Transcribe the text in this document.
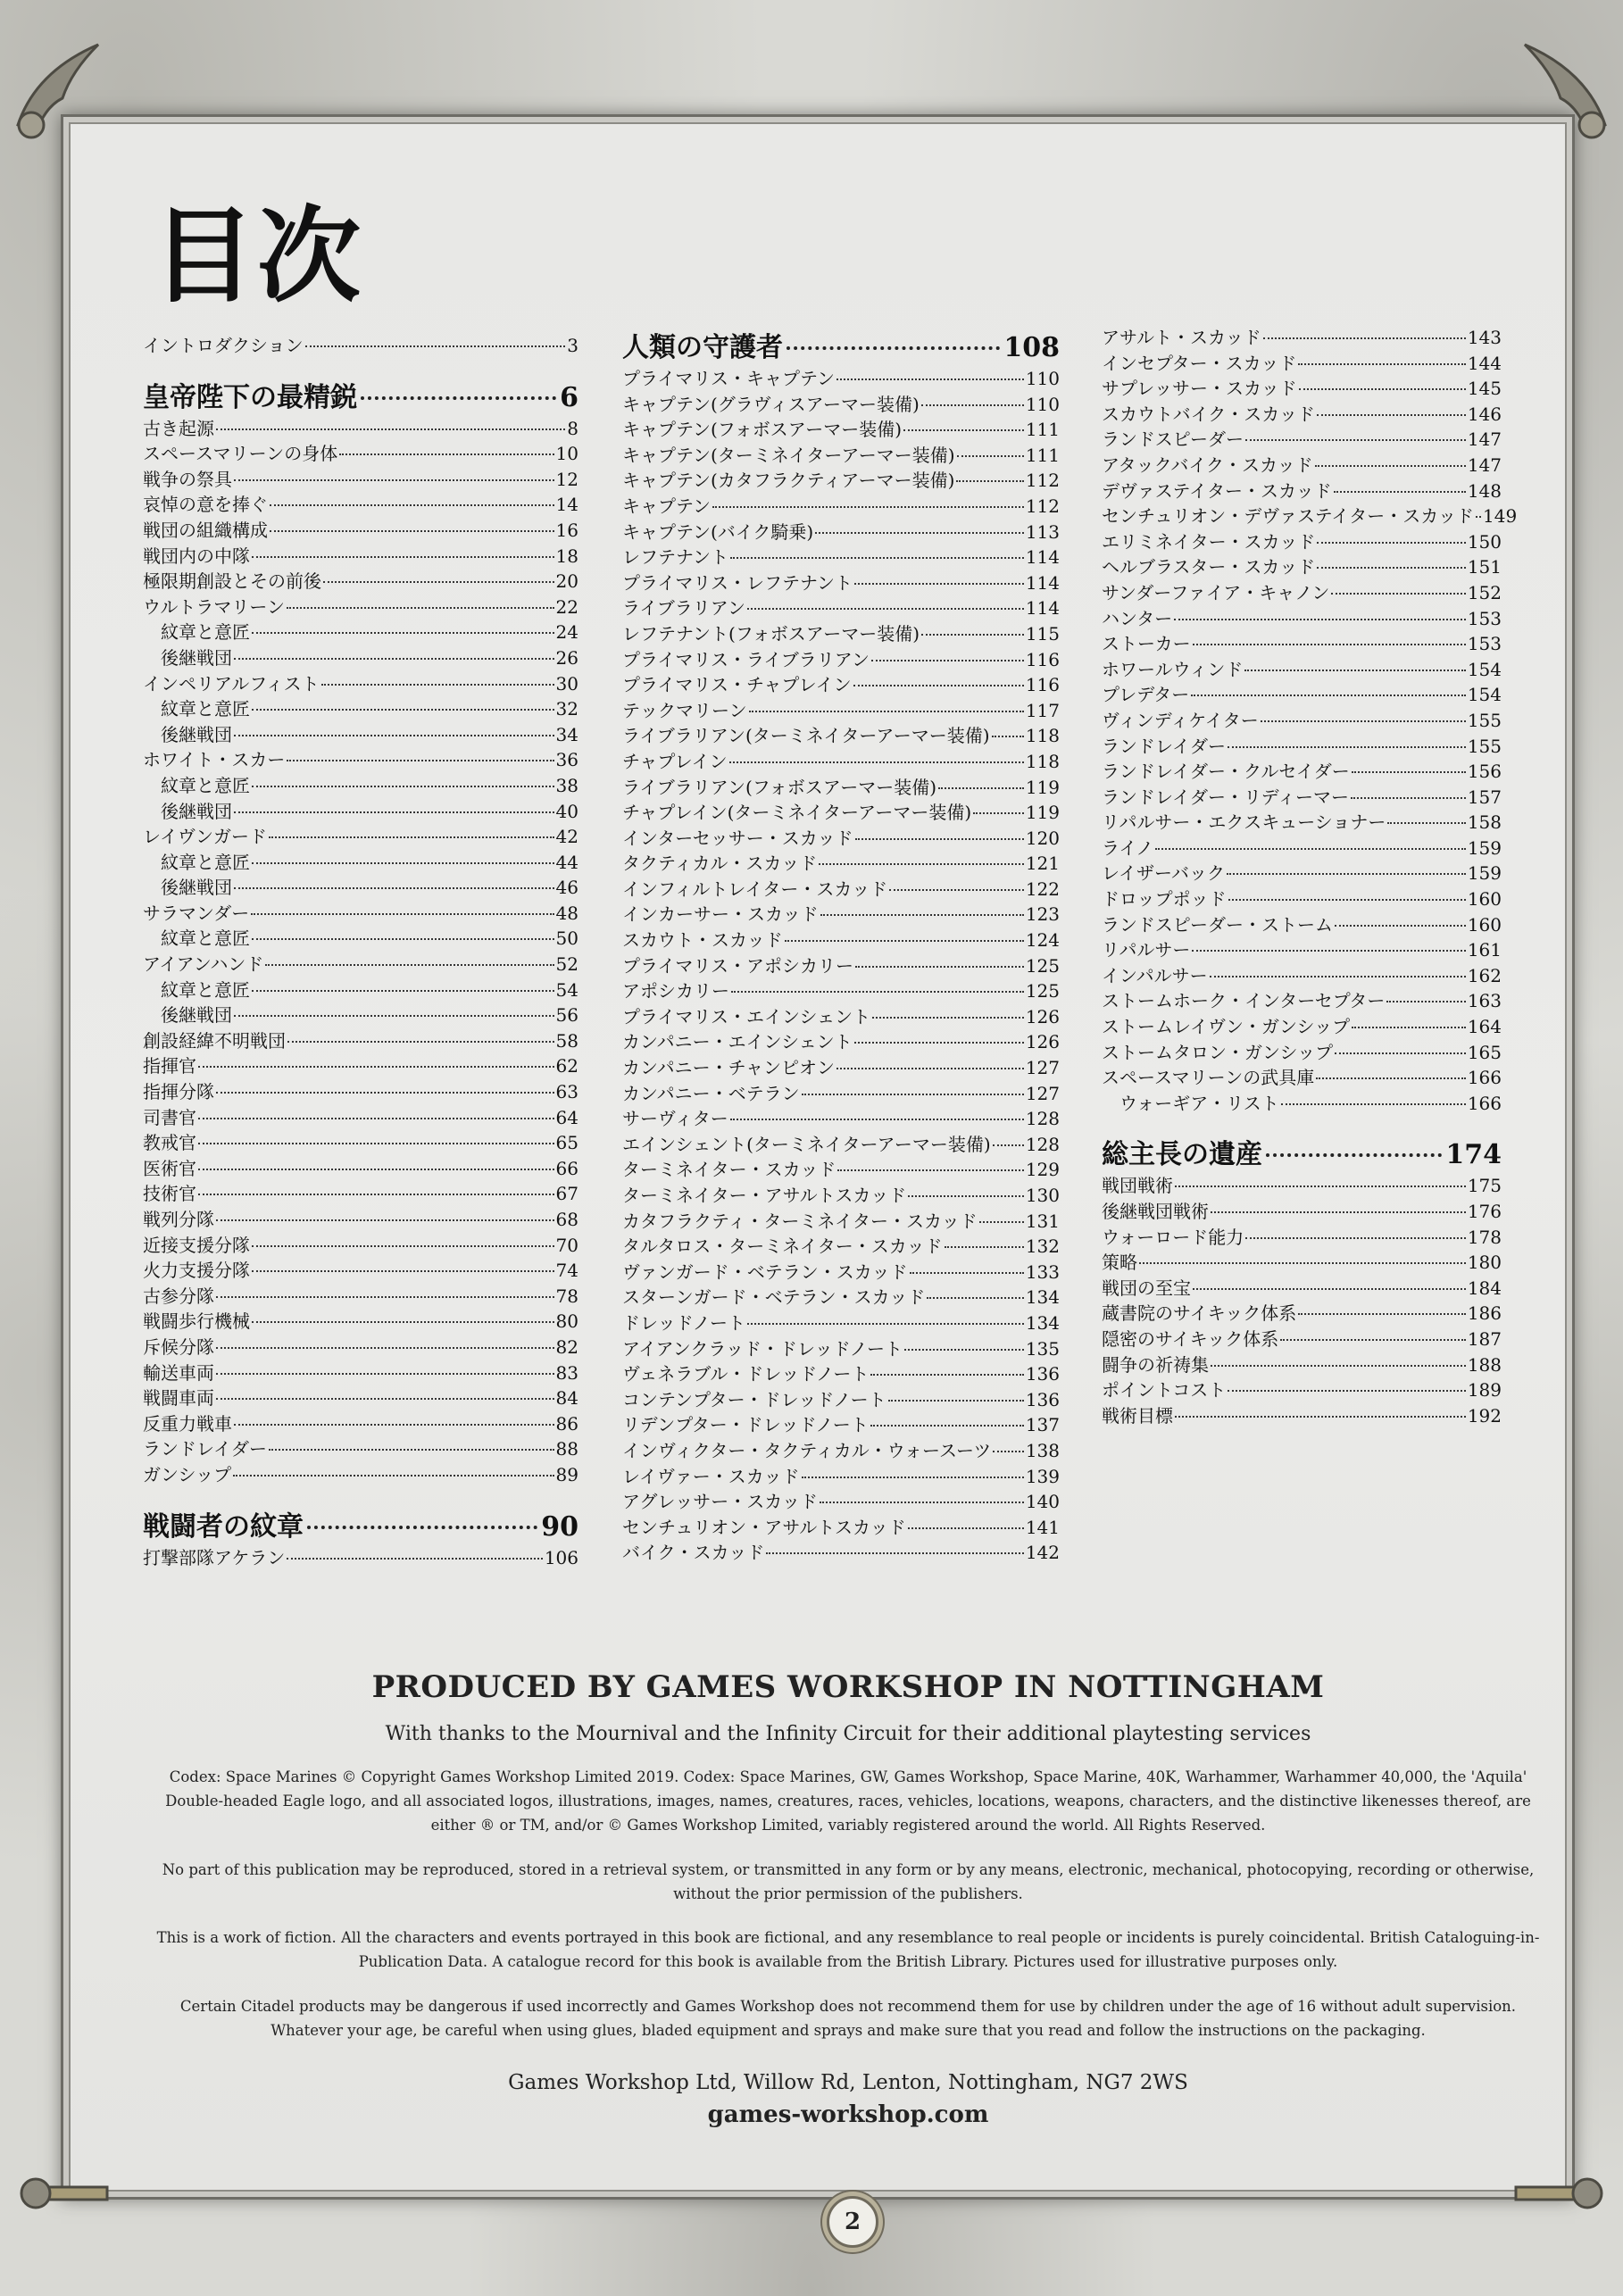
目次
イントロダクション	3
皇帝陛下の最精鋭	6
古き起源	8
スペースマリーンの身体	10
戦争の祭具	12
哀悼の意を捧ぐ	14
戦団の組織構成	16
戦団内の中隊	18
極限期創設とその前後	20
ウルトラマリーン	22
紋章と意匠	24
後継戦団	26
インペリアルフィスト	30
紋章と意匠	32
後継戦団	34
ホワイト・スカー	36
紋章と意匠	38
後継戦団	40
レイヴンガード	42
紋章と意匠	44
後継戦団	46
サラマンダー	48
紋章と意匠	50
アイアンハンド	52
紋章と意匠	54
後継戦団	56
創設経緯不明戦団	58
指揮官	62
指揮分隊	63
司書官	64
教戒官	65
医術官	66
技術官	67
戦列分隊	68
近接支援分隊	70
火力支援分隊	74
古参分隊	78
戦闘歩行機械	80
斥候分隊	82
輸送車両	83
戦闘車両	84
反重力戦車	86
ランドレイダー	88
ガンシップ	89
戦闘者の紋章	90
打撃部隊アケラン	106
人類の守護者	108
プライマリス・キャプテン	110
キャプテン(グラヴィスアーマー装備)	110
キャプテン(フォボスアーマー装備)	111
キャプテン(ターミネイターアーマー装備)	111
キャプテン(カタフラクティアーマー装備)	112
キャプテン	112
キャプテン(バイク騎乗)	113
レフテナント	114
プライマリス・レフテナント	114
ライブラリアン	114
レフテナント(フォボスアーマー装備)	115
プライマリス・ライブラリアン	116
プライマリス・チャプレイン	116
テックマリーン	117
ライブラリアン(ターミネイターアーマー装備) 118
チャプレイン	118
ライブラリアン(フォボスアーマー装備)	119
チャプレイン(ターミネイターアーマー装備)	119
インターセッサー・スカッド	120
タクティカル・スカッド	121
インフィルトレイター・スカッド	122
インカーサー・スカッド	123
スカウト・スカッド	124
プライマリス・アポシカリー	125
アポシカリー	125
プライマリス・エインシェント	126
カンパニー・エインシェント	126
カンパニー・チャンピオン	127
カンパニー・ベテラン	127
サーヴィター	128
エインシェント(ターミネイターアーマー装備) 128
ターミネイター・スカッド	129
ターミネイター・アサルトスカッド	130
カタフラクティ・ターミネイター・スカッド	131
タルタロス・ターミネイター・スカッド	132
ヴァンガード・ベテラン・スカッド	133
スターンガード・ベテラン・スカッド	134
ドレッドノート	134
アイアンクラッド・ドレッドノート	135
ヴェネラブル・ドレッドノート	136
コンテンプター・ドレッドノート	136
リデンプター・ドレッドノート	137
インヴィクター・タクティカル・ウォースーツ 138
レイヴァー・スカッド	139
アグレッサー・スカッド	140
センチュリオン・アサルトスカッド	141
バイク・スカッド	142
アサルト・スカッド	143
インセプター・スカッド	144
サプレッサー・スカッド	145
スカウトバイク・スカッド	146
ランドスピーダー	147
アタックバイク・スカッド	147
デヴァステイター・スカッド	148
センチュリオン・デヴァステイター・スカッド 149
エリミネイター・スカッド	150
ヘルブラスター・スカッド	151
サンダーファイア・キャノン	152
ハンター	153
ストーカー	153
ホワールウィンド	154
プレデター	154
ヴィンディケイター	155
ランドレイダー	155
ランドレイダー・クルセイダー	156
ランドレイダー・リディーマー	157
リパルサー・エクスキューショナー	158
ライノ	159
レイザーバック	159
ドロップポッド	160
ランドスピーダー・ストーム	160
リパルサー	161
インパルサー	162
ストームホーク・インターセプター	163
ストームレイヴン・ガンシップ	164
ストームタロン・ガンシップ	165
スペースマリーンの武具庫	166
ウォーギア・リスト	166
総主長の遺産	174
戦団戦術	175
後継戦団戦術	176
ウォーロード能力	178
策略	180
戦団の至宝	184
蔵書院のサイキック体系	186
隠密のサイキック体系	187
闘争の祈祷集	188
ポイントコスト	189
戦術目標	192

PRODUCED BY GAMES WORKSHOP IN NOTTINGHAM

With thanks to the Mournival and the Infinity Circuit for their additional playtesting services

Codex: Space Marines © Copyright Games Workshop Limited 2019. Codex: Space Marines, GW, Games Workshop, Space Marine, 40K, Warhammer, Warhammer 40,000, the 'Aquila' Double-headed Eagle logo, and all associated logos, illustrations, images, names, creatures, races, vehicles, locations, weapons, characters, and the distinctive likenesses thereof, are either ® or TM, and/or © Games Workshop Limited, variably registered around the world. All Rights Reserved.

No part of this publication may be reproduced, stored in a retrieval system, or transmitted in any form or by any means, electronic, mechanical, photocopying, recording or otherwise, without the prior permission of the publishers.

This is a work of fiction. All the characters and events portrayed in this book are fictional, and any resemblance to real people or incidents is purely coincidental. British Cataloguing-in-Publication Data. A catalogue record for this book is available from the British Library. Pictures used for illustrative purposes only.

Certain Citadel products may be dangerous if used incorrectly and Games Workshop does not recommend them for use by children under the age of 16 without adult supervision. Whatever your age, be careful when using glues, bladed equipment and sprays and make sure that you read and follow the instructions on the packaging.

Games Workshop Ltd, Willow Rd, Lenton, Nottingham, NG7 2WS

games-workshop.com

2
